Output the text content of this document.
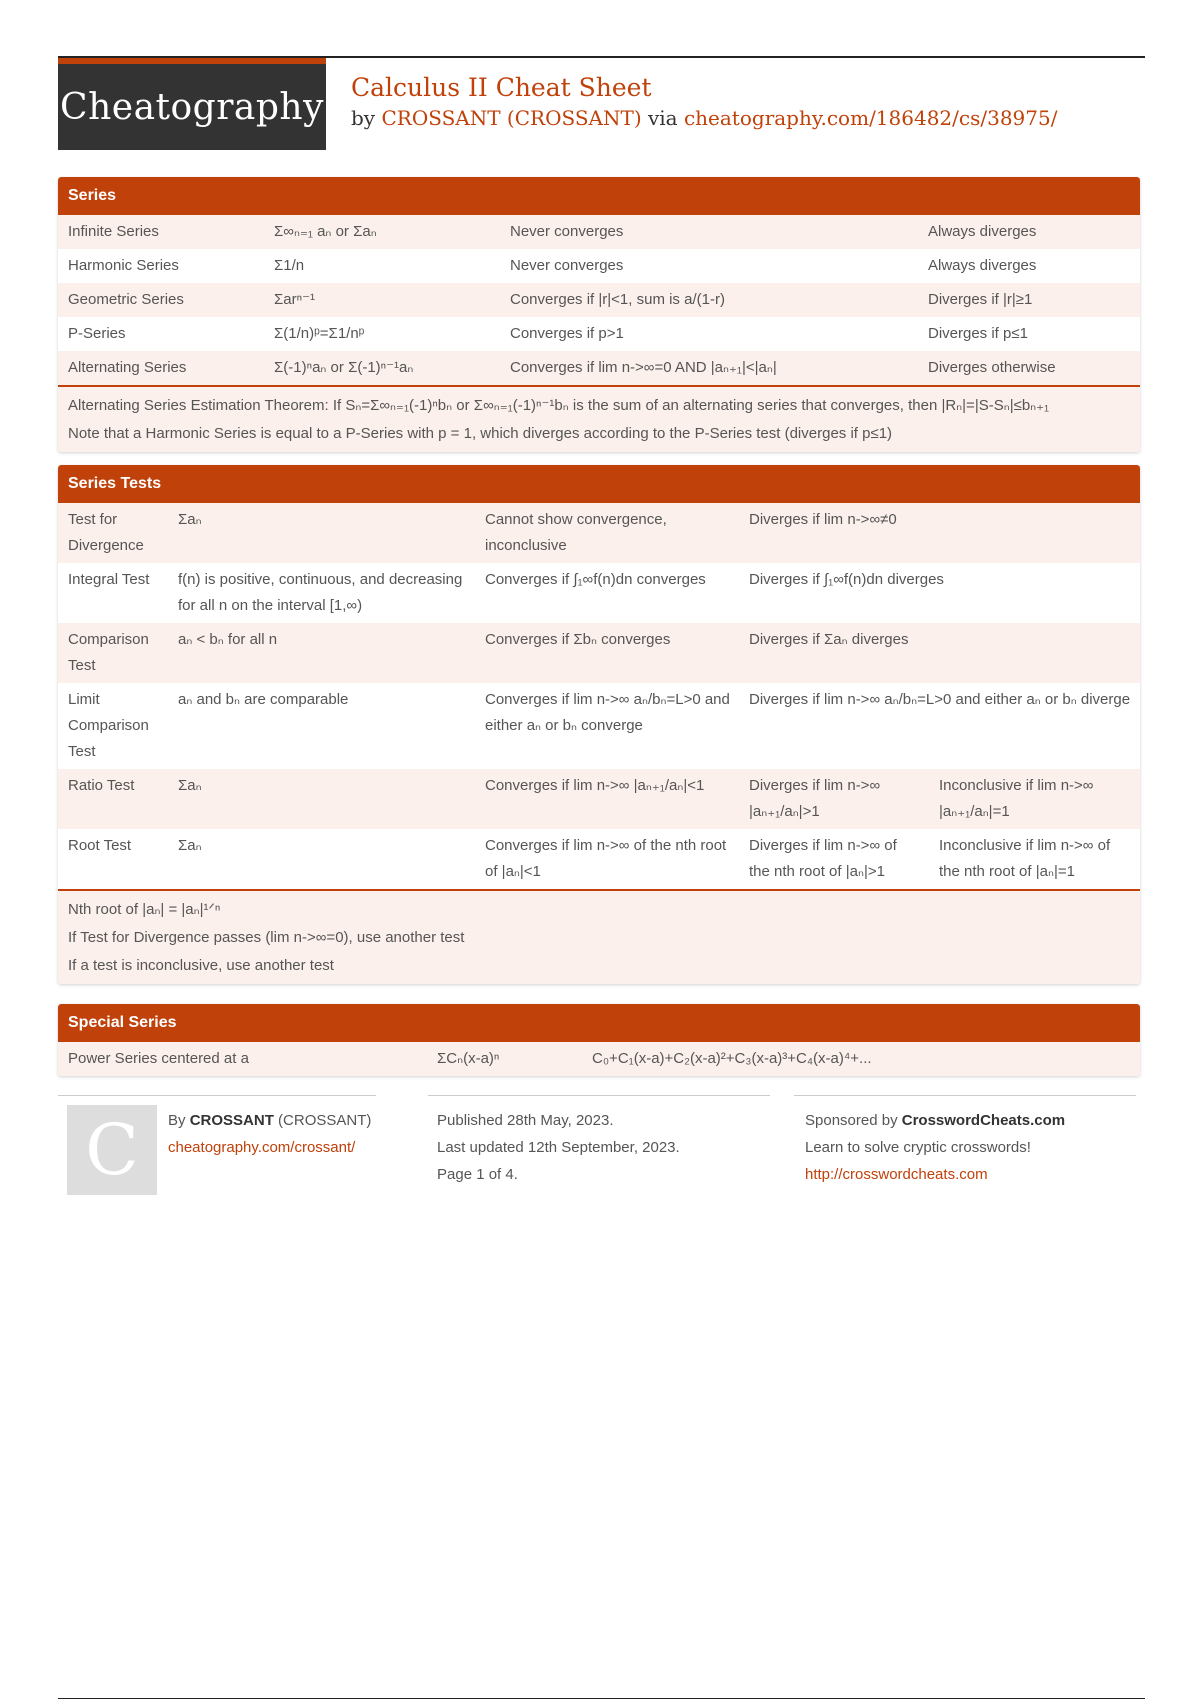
Cheatography Calculus II Cheat Sheet
by CROSSANT (CROSSANT) via cheatography.com/186482/cs/38975/
Series
Infinite Series	Σ∞ₙ₌₁ aₙ or Σaₙ	Never converges	Always diverges
Harmonic Series	Σ1/n	Never converges	Always diverges
Geometric Series	Σarⁿ⁻¹	Converges if |r|<1, sum is a/(1-r)	Diverges if |r|≥1
P-Series	Σ(1/n)ᵖ=Σ1/nᵖ	Converges if p>1	Diverges if p≤1
Alternating Series	Σ(-1)ⁿaₙ or Σ(-1)ⁿ⁻¹aₙ	Converges if lim n->∞=0 AND |aₙ₊₁|<|aₙ|	Diverges otherwise
Alternating Series Estimation Theorem: If Sₙ=Σ∞ₙ₌₁(-1)ⁿbₙ or Σ∞ₙ₌₁(-1)ⁿ⁻¹bₙ is the sum of an alternating series that converges, then |Rₙ|=|S-Sₙ|≤bₙ₊₁
Note that a Harmonic Series is equal to a P-Series with p = 1, which diverges according to the P-Series test (diverges if p≤1)
Series Tests
Test for Divergence	Σaₙ	Cannot show convergence, inconclusive	Diverges if lim n->∞≠0	
Integral Test	f(n) is positive, continuous, and decreasing for all n on the interval [1,∞)	Converges if ∫₁∞f(n)dn converges	Diverges if ∫₁∞f(n)dn diverges	
Comparison Test	aₙ < bₙ for all n	Converges if Σbₙ converges	Diverges if Σaₙ diverges	
Limit Comparison Test	aₙ and bₙ are comparable	Converges if lim n->∞ aₙ/bₙ=L>0 and either aₙ or bₙ converge	Diverges if lim n->∞ aₙ/bₙ=L>0 and either aₙ or bₙ diverge	
Ratio Test	Σaₙ	Converges if lim n->∞ |aₙ₊₁/aₙ|<1	Diverges if lim n->∞ |aₙ₊₁/aₙ|>1	Inconclusive if lim n->∞ |aₙ₊₁/aₙ|=1
Root Test	Σaₙ	Converges if lim n->∞ of the nth root of |aₙ|<1	Diverges if lim n->∞ of the nth root of |aₙ|>1	Inconclusive if lim n->∞ of the nth root of |aₙ|=1
Nth root of |aₙ| = |aₙ|¹ᐟⁿ
If Test for Divergence passes (lim n->∞=0), use another test
If a test is inconclusive, use another test
Special Series
Power Series centered at a	ΣCₙ(x-a)ⁿ	C₀+C₁(x-a)+C₂(x-a)²+C₃(x-a)³+C₄(x-a)⁴+...
C	By CROSSANT (CROSSANT)
cheatography.com/crossant/
Published 28th May, 2023.
Last updated 12th September, 2023.
Page 1 of 4.
Sponsored by CrosswordCheats.com
Learn to solve cryptic crosswords!
http://crosswordcheats.com
